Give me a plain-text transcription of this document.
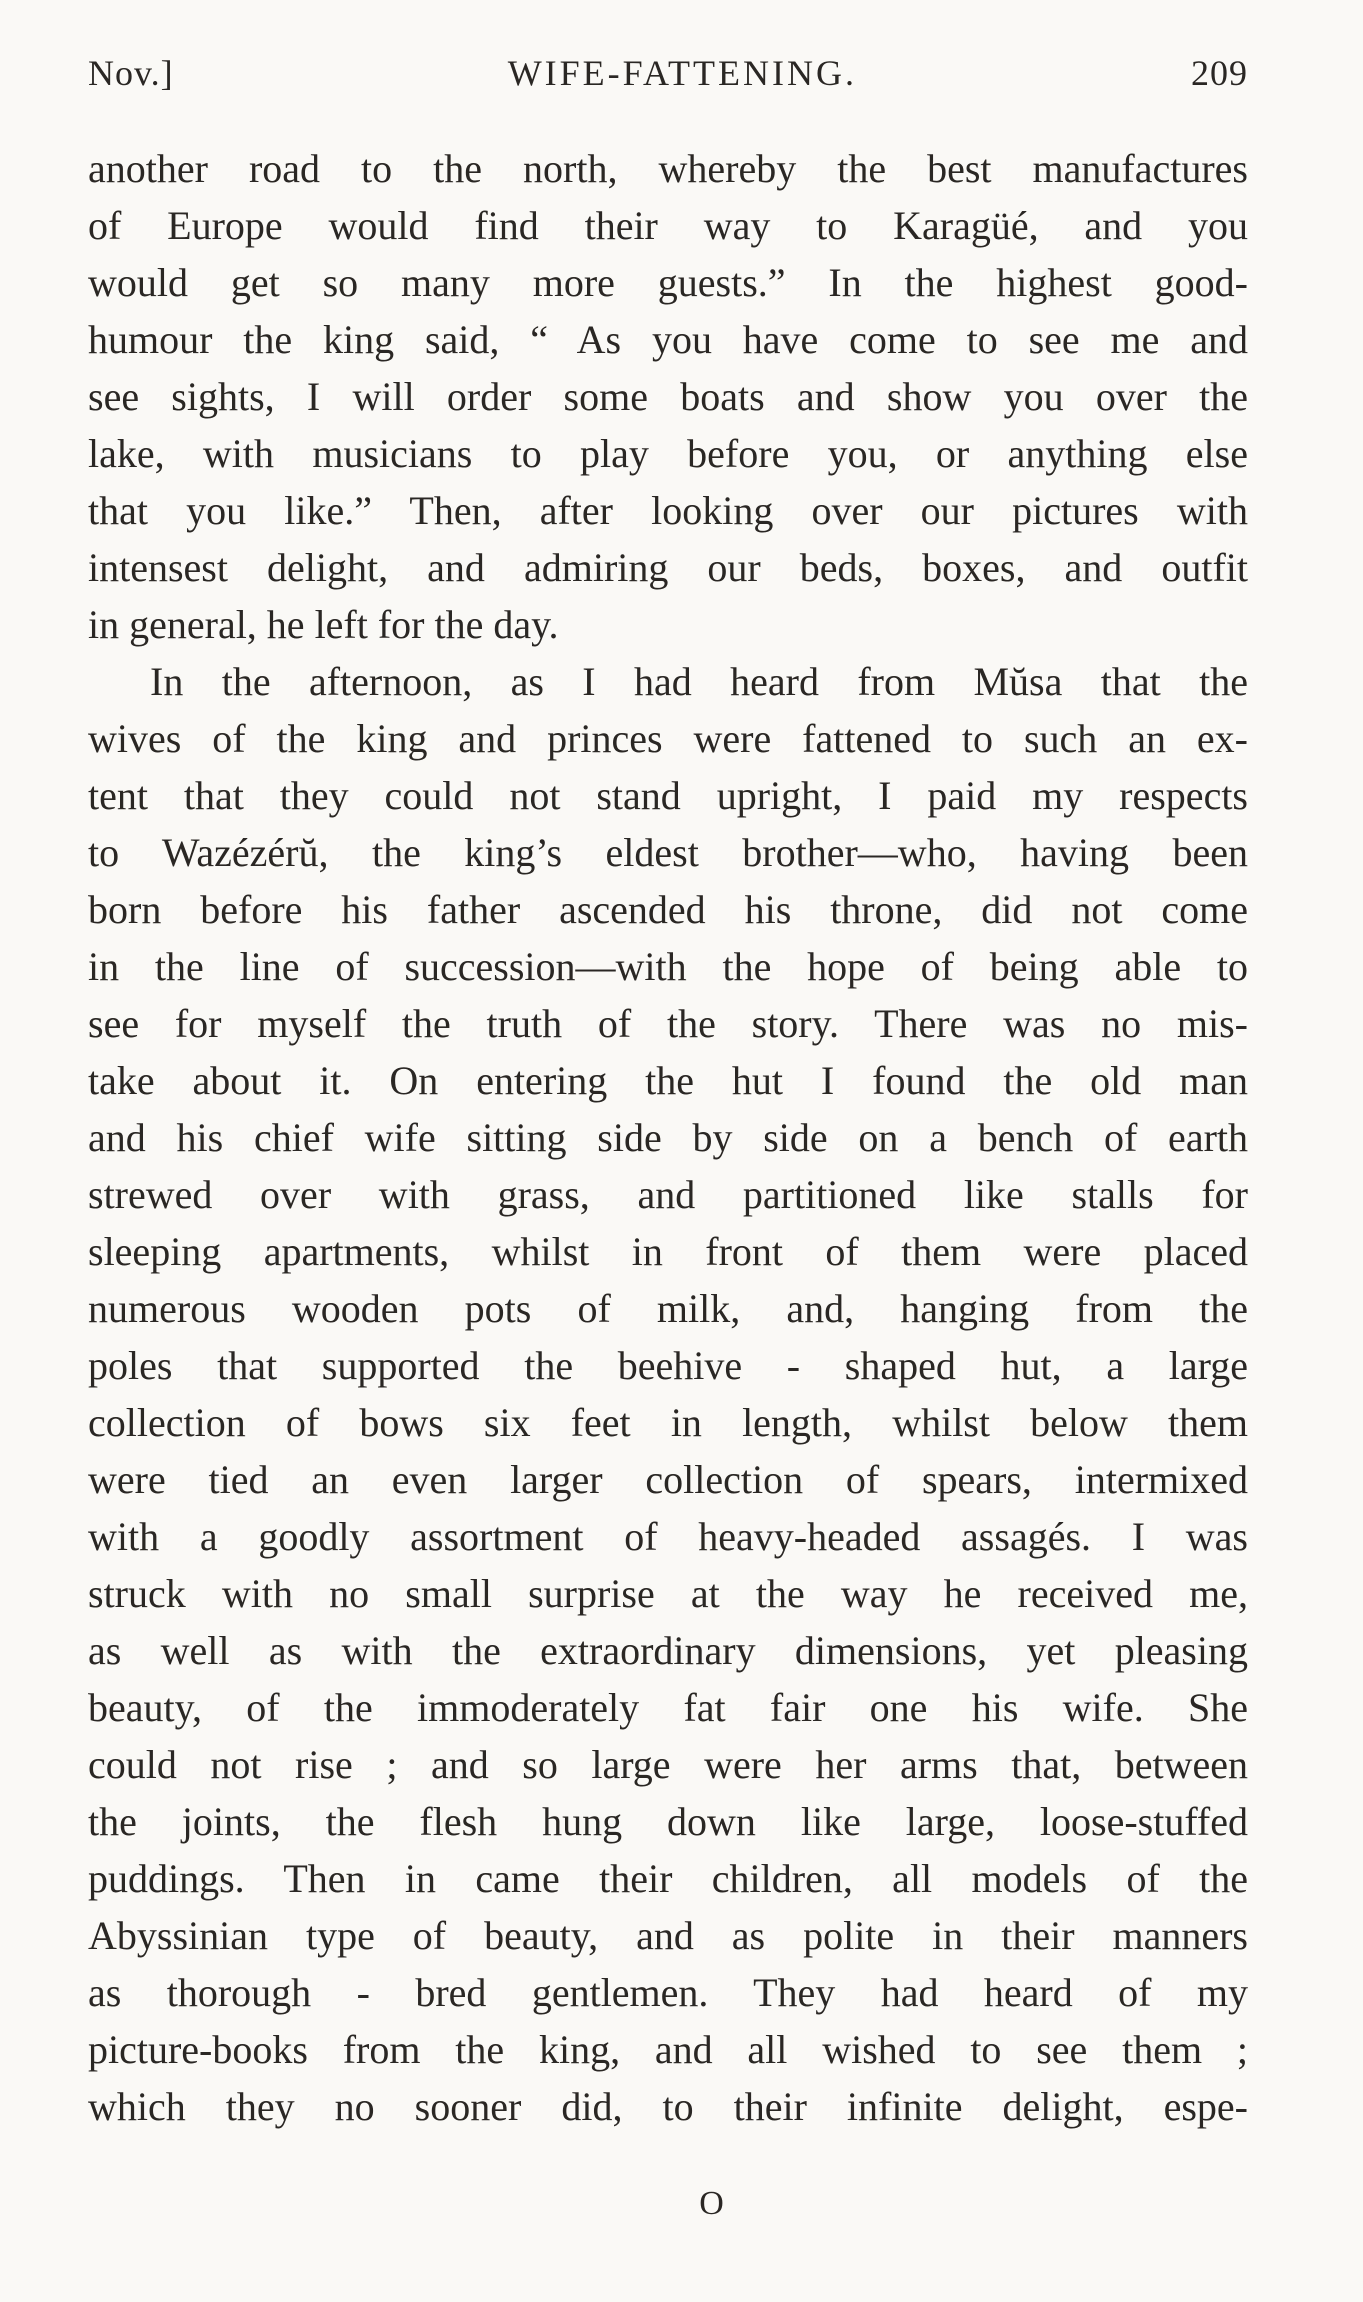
Nov.]	WIFE-FATTENING.	209
another road to the north, whereby the best manufactures
of Europe would find their way to Karagüé, and you
would get so many more guests.” In the highest good-
humour the king said, “ As you have come to see me and
see sights, I will order some boats and show you over the
lake, with musicians to play before you, or anything else
that you like.” Then, after looking over our pictures with
intensest delight, and admiring our beds, boxes, and outfit
in general, he left for the day.
In the afternoon, as I had heard from Mŭsa that the
wives of the king and princes were fattened to such an ex-
tent that they could not stand upright, I paid my respects
to Wazézérŭ, the king’s eldest brother—who, having been
born before his father ascended his throne, did not come
in the line of succession—with the hope of being able to
see for myself the truth of the story. There was no mis-
take about it. On entering the hut I found the old man
and his chief wife sitting side by side on a bench of earth
strewed over with grass, and partitioned like stalls for
sleeping apartments, whilst in front of them were placed
numerous wooden pots of milk, and, hanging from the
poles that supported the beehive - shaped hut, a large
collection of bows six feet in length, whilst below them
were tied an even larger collection of spears, intermixed
with a goodly assortment of heavy-headed assagés. I was
struck with no small surprise at the way he received me,
as well as with the extraordinary dimensions, yet pleasing
beauty, of the immoderately fat fair one his wife. She
could not rise ; and so large were her arms that, between
the joints, the flesh hung down like large, loose-stuffed
puddings. Then in came their children, all models of the
Abyssinian type of beauty, and as polite in their manners
as thorough - bred gentlemen. They had heard of my
picture-books from the king, and all wished to see them ;
which they no sooner did, to their infinite delight, espe-
O
